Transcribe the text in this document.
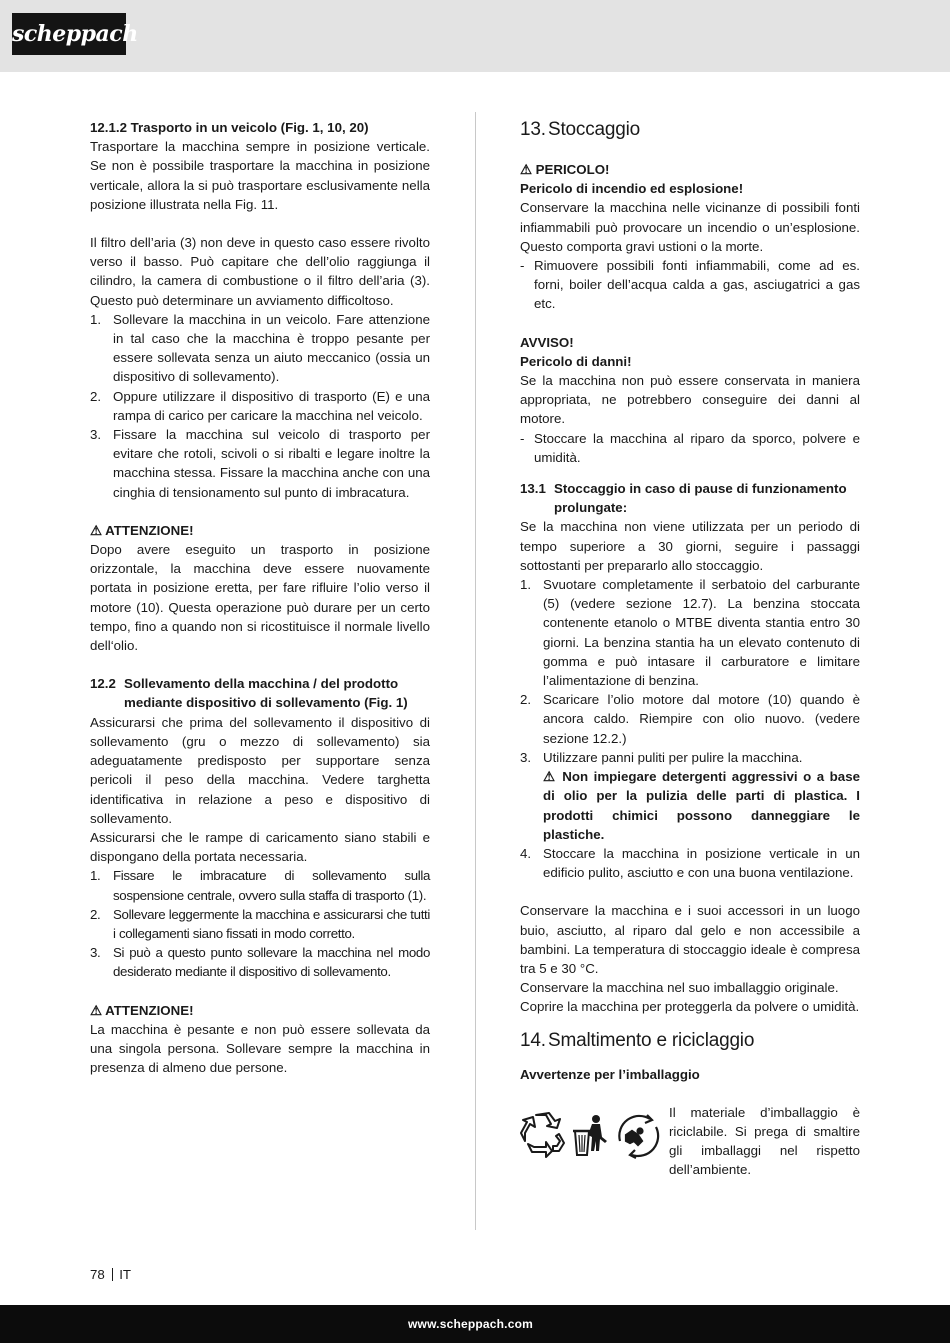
scheppach

12.1.2 Trasporto in un veicolo (Fig. 1, 10, 20)

Trasportare la macchina sempre in posizione verticale. Se non è possibile trasportare la macchina in posizione verticale, allora la si può trasportare esclusivamente nella posizione illustrata nella Fig. 11.

Il filtro dell’aria (3) non deve in questo caso essere rivolto verso il basso. Può capitare che dell’olio raggiunga il cilindro, la camera di combustione o il filtro dell’aria (3). Questo può determinare un avviamento difficoltoso.

1. Sollevare la macchina in un veicolo. Fare attenzione in tal caso che la macchina è troppo pesante per essere sollevata senza un aiuto meccanico (ossia un dispositivo di sollevamento).
2. Oppure utilizzare il dispositivo di trasporto (E) e una rampa di carico per caricare la macchina nel veicolo.
3. Fissare la macchina sul veicolo di trasporto per evitare che rotoli, scivoli o si ribalti e legare inoltre la macchina stessa. Fissare la macchina anche con una cinghia di tensionamento sul punto di imbracatura.

⚠ ATTENZIONE!

Dopo avere eseguito un trasporto in posizione orizzontale, la macchina deve essere nuovamente portata in posizione eretta, per fare rifluire l’olio verso il motore (10). Questa operazione può durare per un certo tempo, fino a quando non si ricostituisce il normale livello dell‘olio.

12.2 Sollevamento della macchina / del prodotto mediante dispositivo di sollevamento (Fig. 1)

Assicurarsi che prima del sollevamento il dispositivo di sollevamento (gru o mezzo di sollevamento) sia adeguatamente predisposto per supportare senza pericoli il peso della macchina. Vedere targhetta identificativa in relazione a peso e dispositivo di sollevamento.

Assicurarsi che le rampe di caricamento siano stabili e dispongano della portata necessaria.

1. Fissare le imbracature di sollevamento sulla sospensione centrale, ovvero sulla staffa di trasporto (1).
2. Sollevare leggermente la macchina e assicurarsi che tutti i collegamenti siano fissati in modo corretto.
3. Si può a questo punto sollevare la macchina nel modo desiderato mediante il dispositivo di sollevamento.

⚠ ATTENZIONE!

La macchina è pesante e non può essere sollevata da una singola persona. Sollevare sempre la macchina in presenza di almeno due persone.

13. Stoccaggio

⚠ PERICOLO!

Pericolo di incendio ed esplosione!

Conservare la macchina nelle vicinanze di possibili fonti infiammabili può provocare un incendio o un’esplosione. Questo comporta gravi ustioni o la morte.

- Rimuovere possibili fonti infiammabili, come ad es. forni, boiler dell’acqua calda a gas, asciugatrici a gas etc.

AVVISO!

Pericolo di danni!

Se la macchina non può essere conservata in maniera appropriata, ne potrebbero conseguire dei danni al motore.

- Stoccare la macchina al riparo da sporco, polvere e umidità.
13.1 Stoccaggio in caso di pause di funzionamento prolungate:

Se la macchina non viene utilizzata per un periodo di tempo superiore a 30 giorni, seguire i passaggi sottostanti per prepararlo allo stoccaggio.

1. Svuotare completamente il serbatoio del carburante (5) (vedere sezione 12.7). La benzina stoccata contenente etanolo o MTBE diventa stantia entro 30 giorni. La benzina stantia ha un elevato contenuto di gomma e può intasare il carburatore e limitare l’alimentazione di benzina.
2. Scaricare l’olio motore dal motore (10) quando è ancora caldo. Riempire con olio nuovo. (vedere sezione 12.2.)
3. Utilizzare panni puliti per pulire la macchina.
⚠ Non impiegare detergenti aggressivi o a base di olio per la pulizia delle parti di plastica. I prodotti chimici possono danneggiare le plastiche.
4. Stoccare la macchina in posizione verticale in un edificio pulito, asciutto e con una buona ventilazione.

Conservare la macchina e i suoi accessori in un luogo buio, asciutto, al riparo dal gelo e non accessibile a bambini. La temperatura di stoccaggio ideale è compresa tra 5 e 30 °C.

Conservare la macchina nel suo imballaggio originale.

Coprire la macchina per proteggerla da polvere o umidità.

14. Smaltimento e riciclaggio

Avvertenze per l’imballaggio

Il materiale d’imballaggio è riciclabile. Si prega di smaltire gli imballaggi nel rispetto dell’ambiente.

78 IT
www.scheppach.com
